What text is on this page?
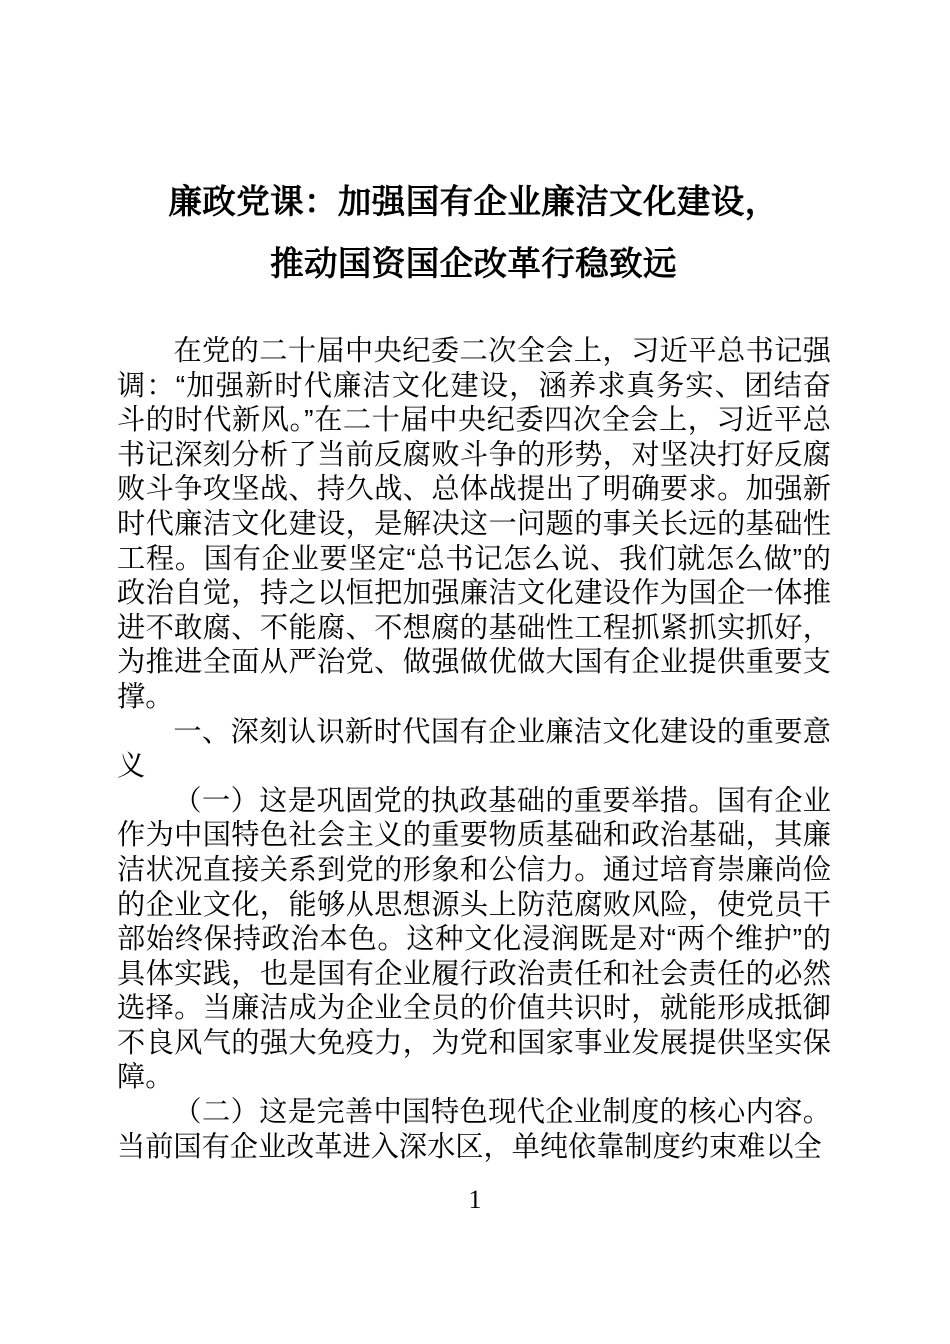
廉政党课：加强国有企业廉洁文化建设，
推动国资国企改革行稳致远

在党的二十届中央纪委二次全会上，习近平总书记强调：“加强新时代廉洁文化建设，涵养求真务实、团结奋斗的时代新风。”在二十届中央纪委四次全会上，习近平总书记深刻分析了当前反腐败斗争的形势，对坚决打好反腐败斗争攻坚战、持久战、总体战提出了明确要求。加强新时代廉洁文化建设，是解决这一问题的事关长远的基础性工程。国有企业要坚定“总书记怎么说、我们就怎么做”的政治自觉，持之以恒把加强廉洁文化建设作为国企一体推进不敢腐、不能腐、不想腐的基础性工程抓紧抓实抓好，为推进全面从严治党、做强做优做大国有企业提供重要支撑。

一、深刻认识新时代国有企业廉洁文化建设的重要意义

（一）这是巩固党的执政基础的重要举措。国有企业作为中国特色社会主义的重要物质基础和政治基础，其廉洁状况直接关系到党的形象和公信力。通过培育崇廉尚俭的企业文化，能够从思想源头上防范腐败风险，使党员干部始终保持政治本色。这种文化浸润既是对“两个维护”的具体实践，也是国有企业履行政治责任和社会责任的必然选择。当廉洁成为企业全员的价值共识时，就能形成抵御不良风气的强大免疫力，为党和国家事业发展提供坚实保障。

（二）这是完善中国特色现代企业制度的核心内容。当前国有企业改革进入深水区，单纯依靠制度约束难以全

1
